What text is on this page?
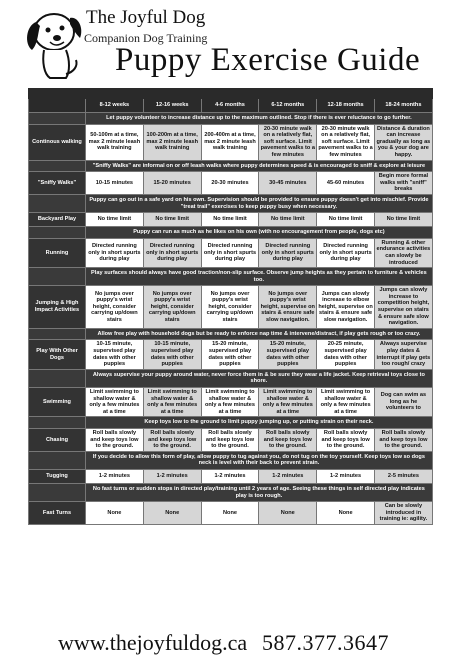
The Joyful Dog
Companion Dog Training
Puppy Exercise Guide

	8-12 weeks	12-16 weeks	4-6 months	6-12 months	12-18 months	18-24 months
	Let puppy volunteer to increase distance up to the maximum outlined. Stop if there is ever reluctance to go further.					
Continous walking	50-100m at a time, max 2 minute leash walk training	100-200m at a time, max 2 minute leash walk training	200-400m at a time, max 2 minute leash walk training	20-30 minute walk on a relatively flat, soft surface. Limit pavement walks to a few minutes	20-30 minute walk on a relatively flat, soft surface. Limit pavement walks to a few minutes	Distance & duration can increase gradually as long as you & your dog are happy.
	"Sniffy Walks" are informal on or off leash walks where puppy determines speed & is encouraged to sniff & explore at leisure					
"Sniffy Walks"	10-15 minutes	15-20 minutes	20-30 minutes	30-45 minutes	45-60 minutes	Begin more formal walks with "sniff" breaks
	Puppy can go out in a safe yard on his own. Supervision should be provided to ensure puppy doesn't get into mischief. Provide "treat trail" exercises to keep puppy busy when necessary.					
Backyard Play	No time limit	No time limit	No time limit	No time limit	No time limit	No time limit
	Puppy can run as much as he likes on his own (with no encouragement from people, dogs etc)					
Running	Directed running only in short spurts during play	Directed running only in short spurts during play	Directed running only in short spurts during play	Directed running only in short spurts during play	Directed running only in short spurts during play	Running & other endurance activities can slowly be introduced
	Play surfaces should always have good traction/non-slip surface. Observe jump heights as they pertain to furniture & vehicles too.					
Jumping & High Impact Activities	No jumps over puppy's wrist height, consider carrying up/down stairs	No jumps over puppy's wrist height, consider carrying up/down stairs	No jumps over puppy's wrist height, consider carrying up/down stairs	No jumps over puppy's wrist height, supervise on stairs & ensure safe slow navigation.	Jumps can slowly increase to elbow height, supervise on stairs & ensure safe slow navigation.	Jumps can slowly increase to competition height, supervise on stairs & ensure safe slow navigation.
	Allow free play with household dogs but be ready to enforce nap time & intervene/distract, if play gets rough or too crazy.					
Play With Other Dogs	10-15 minute, supervised play dates with other puppies	10-15 minute, supervised play dates with other puppies	15-20 minute, supervised play dates with other puppies	15-20 minute, supervised play dates with other puppies	20-25 minute, supervised play dates with other puppies	Always supervise play dates & interrupt if play gets too rough/ crazy
	Always supervise your puppy around water, never force them in & be sure they wear a life jacket. Keep retrieval toys close to shore.					
Swimming	Limit swimming to shallow water & only a few minutes at a time	Limit swimming to shallow water & only a few minutes at a time	Limit swimming to shallow water & only a few minutes at a time	Limit swimming to shallow water & only a few minutes at a time	Limit swimming to shallow water & only a few minutes at a time	Dog can swim as long as he volunteers to
	Keep toys low to the ground to limit puppy jumping up, or putting strain on their neck.					
Chasing	Roll balls slowly and keep toys low to the ground.	Roll balls slowly and keep toys low to the ground.	Roll balls slowly and keep toys low to the ground.	Roll balls slowly and keep toys low to the ground.	Roll balls slowly and keep toys low to the ground.	Roll balls slowly and keep toys low to the ground.
	If you decide to allow this form of play, allow puppy to tug against you, do not tug on the toy yourself. Keep toys low so dogs neck is level with their back to prevent strain.					
Tugging	1-2 minutes	1-2 minutes	1-2 minutes	1-2 minutes	1-2 minutes	2-5 minutes
	No fast turns or sudden stops in directed play/training until 2 years of age. Seeing these things in self directed play indicates play is too rough.					
Fast Turns	None	None	None	None	None	Can be slowly introduced in training ie: agility.
www.thejoyfuldog.ca 587.377.3647
